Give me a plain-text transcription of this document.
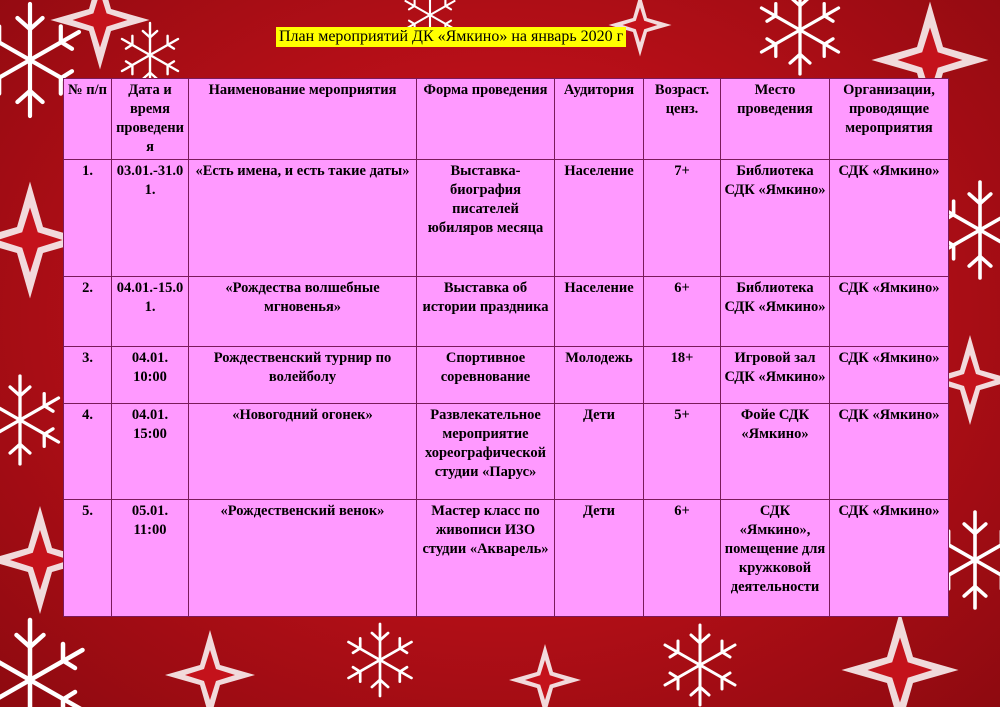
План мероприятий ДК «Ямкино» на январь 2020 г
№ п/п	Дата и время проведения	Наименование мероприятия	Форма проведения	Аудитория	Возраст. ценз.	Место проведения	Организации, проводящие мероприятия
1.	03.01.-31.01.	«Есть имена, и есть такие даты»	Выставка-биография писателей юбиляров месяца	Население	7+	Библиотека СДК «Ямкино»	СДК «Ямкино»
2.	04.01.-15.01.	«Рождества волшебные мгновенья»	Выставка об истории праздника	Население	6+	Библиотека СДК «Ямкино»	СДК «Ямкино»
3.	04.01. 10:00	Рождественский турнир по волейболу	Спортивное соревнование	Молодежь	18+	Игровой зал СДК «Ямкино»	СДК «Ямкино»
4.	04.01. 15:00	«Новогодний огонек»	Развлекательное мероприятие хореографической студии «Парус»	Дети	5+	Фойе СДК «Ямкино»	СДК «Ямкино»
5.	05.01. 11:00	«Рождественский венок»	Мастер класс по живописи ИЗО студии «Акварель»	Дети	6+	СДК «Ямкино», помещение для кружковой деятельности	СДК «Ямкино»
